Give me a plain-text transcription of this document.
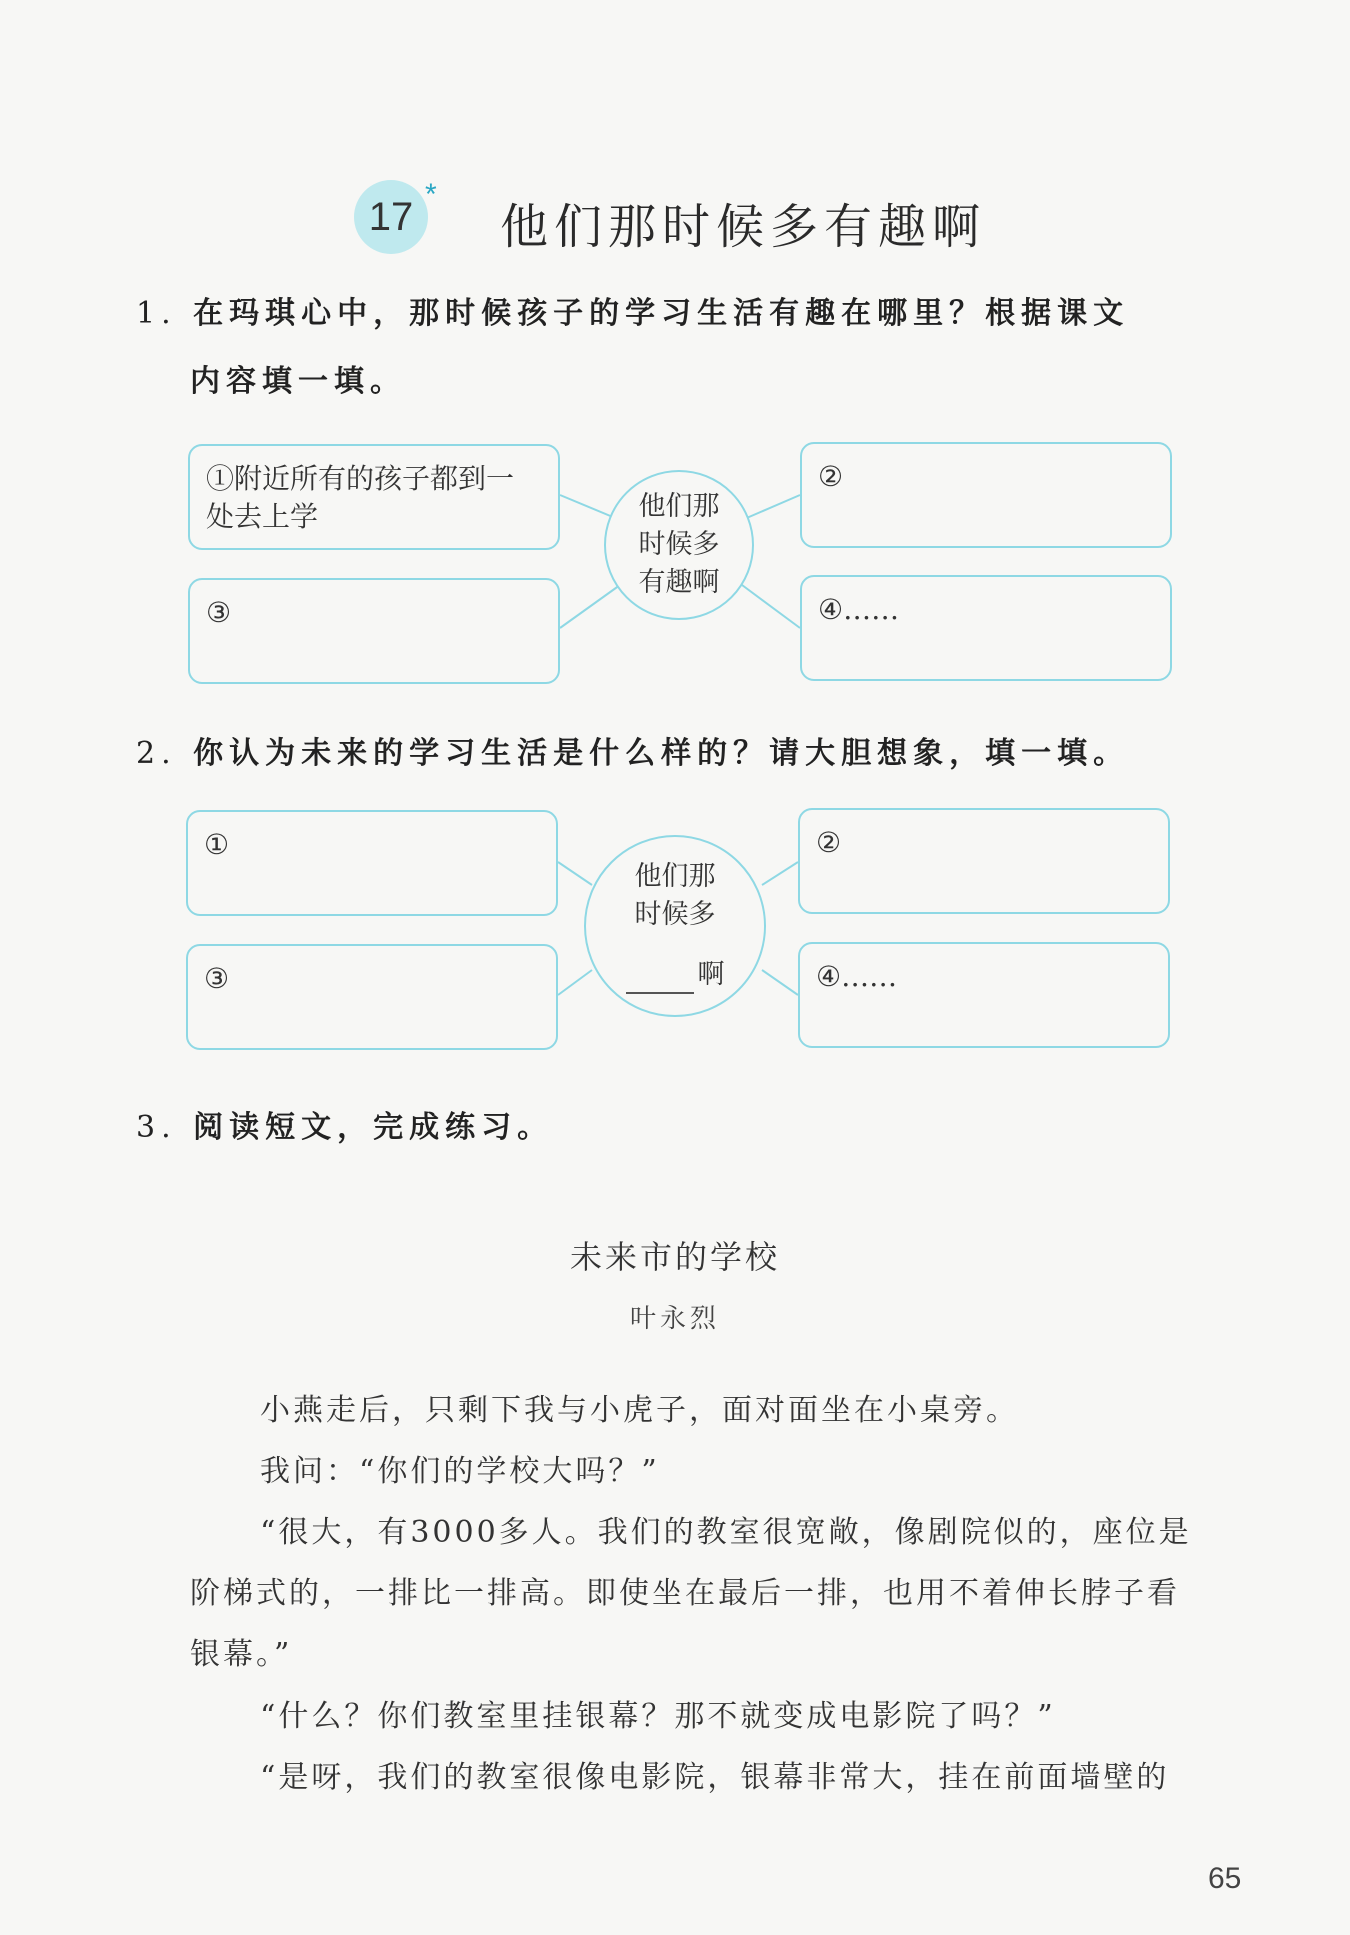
17 *
他们那时候多有趣啊
1. 在玛琪心中，那时候孩子的学习生活有趣在哪里？根据课文
内容填一填。
①附近所有的孩子都到一处去上学
②
③	④……
他们那
时候多
有趣啊
2. 你认为未来的学习生活是什么样的？请大胆想象，填一填。
①	②
③	④……
他们那
时候多
啊
3. 阅读短文，完成练习。
未来市的学校
叶永烈
小燕走后，只剩下我与小虎子，面对面坐在小桌旁。
我问：“你们的学校大吗？”
“很大，有3000多人。我们的教室很宽敞，像剧院似的，座位是阶梯式的，一排比一排高。即使坐在最后一排，也用不着伸长脖子看银幕。”
“什么？你们教室里挂银幕？那不就变成电影院了吗？”
“是呀，我们的教室很像电影院，银幕非常大，挂在前面墙壁的
65
